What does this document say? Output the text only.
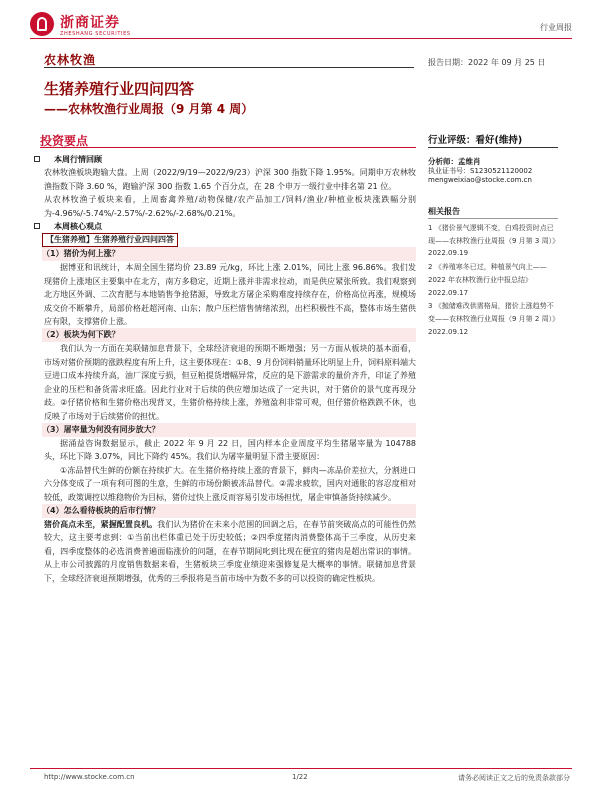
浙商证券
ZHESHANG SECURITIES
行业周报
农林牧渔	报告日期：2022 年 09 月 25 日
生猪养殖行业四问四答
——农林牧渔行业周报（9 月第 4 周）
投资要点

本周行情回顾

农林牧渔板块跑输大盘。上周（2022/9/19—2022/9/23）沪深 300 指数下降 1.95%。同期申万农林牧渔指数下降 3.60 %，跑输沪深 300 指数 1.65 个百分点，在 28 个申万一级行业中排名第 21 位。

从农林牧渔子板块来看，上周畜禽养殖/动物保健/农产品加工/饲料/渔业/种植业板块涨跌幅分别为-4.96%/-5.74%/-2.57%/-2.62%/-2.68%/0.21%。

本周核心观点

【生猪养殖】生猪养殖行业四问四答

（1）猪价为何上涨？

据博亚和讯统计，本周全国生猪均价 23.89 元/kg，环比上涨 2.01%，同比上涨 96.86%。我们发现猪价上涨地区主要集中在北方，南方多稳定，近期上涨并非需求拉动，而是供应紧张所致。我们观察到北方地区外调、二次育肥与本地销售争抢猪源，导致北方屠企采购难度持续存在，价格高位再涨，规模场成交价不断攀升，局部价格赶超河南、山东；散户压栏惜售情绪浓烈，出栏积极性不高，整体市场生猪供应有限，支撑猪价上涨。

（2）板块为何下跌？

我们认为一方面在美联储加息背景下，全球经济衰退的预期不断增强；另一方面从板块的基本面看，市场对猪价预期的涨跌程度有所上升，这主要体现在：①8、9 月份饲料销量环比明显上升，饲料原料端大豆进口成本持续升高，油厂深度亏损，但豆粕提货增幅异常，反应的是下游需求的量价齐升，印证了养殖企业的压栏和备货需求旺盛。因此行业对于后续的供应增加达成了一定共识，对于猪价的景气度再现分歧。②仔猪价格和生猪价格出现背叉，生猪价格持续上涨，养殖盈利非常可观，但仔猪价格跌跌不休，也反映了市场对于后续猪价的担忧。

（3）屠宰量为何没有同步放大？

据涌益咨询数据显示，截止 2022 年 9 月 22 日，国内样本企业周度平均生猪屠宰量为 104788 头，环比下降 3.07%，同比下降约 45%。我们认为屠宰量明显下滑主要原因：

①冻品替代生鲜的份额在持续扩大。在生猪价格持续上涨的背景下，鲜肉—冻品价差拉大，分割进口六分体变成了一项有利可图的生意，生鲜的市场份额被冻品替代。②需求疲软，国内对通胀的容忍度相对较低，政策调控以维稳物价为目标，猪价过快上涨反而容易引发市场担忧，屠企审慎备货持续减少。

（4）怎么看待板块的后市行情？

猪价高点未至，紧握配置良机。我们认为猪价在未来小范围的回调之后，在春节前突破高点的可能性仍然较大，这主要考虑到：①当前出栏体重已处于历史较低；②四季度猪肉消费整体高于三季度，从历史来看，四季度整体的必选消费普遍面临涨价的问题，在春节期间叱到比现在便宜的猪肉是超出常识的事情。从上市公司披露的月度销售数据来看，生猪板块三季度业绩迎来强修复是大概率的事情。联储加息背景下，全球经济衰退预期增强，优秀的三季报将是当前市场中为数不多的可以投资的确定性板块。

行业评级：看好(维持)
分析师：孟维肖
执业证书号：S1230521120002
mengweixiao@stocke.com.cn
相关报告
1 《猪价景气逻辑不变，白鸡投资时点已现——农林牧渔行业周报（9 月第 3 周）》 2022.09.19
2 《养殖寒冬已过，种植景气向上——2022 年农林牧渔行业中报总结》 2022.09.17
3 《抛储难改供需格局，猪价上涨趋势不变——农林牧渔行业周报（9 月第 2 周）》 2022.09.12
http://www.stocke.com.cn	1/22	请务必阅读正文之后的免责条款部分
